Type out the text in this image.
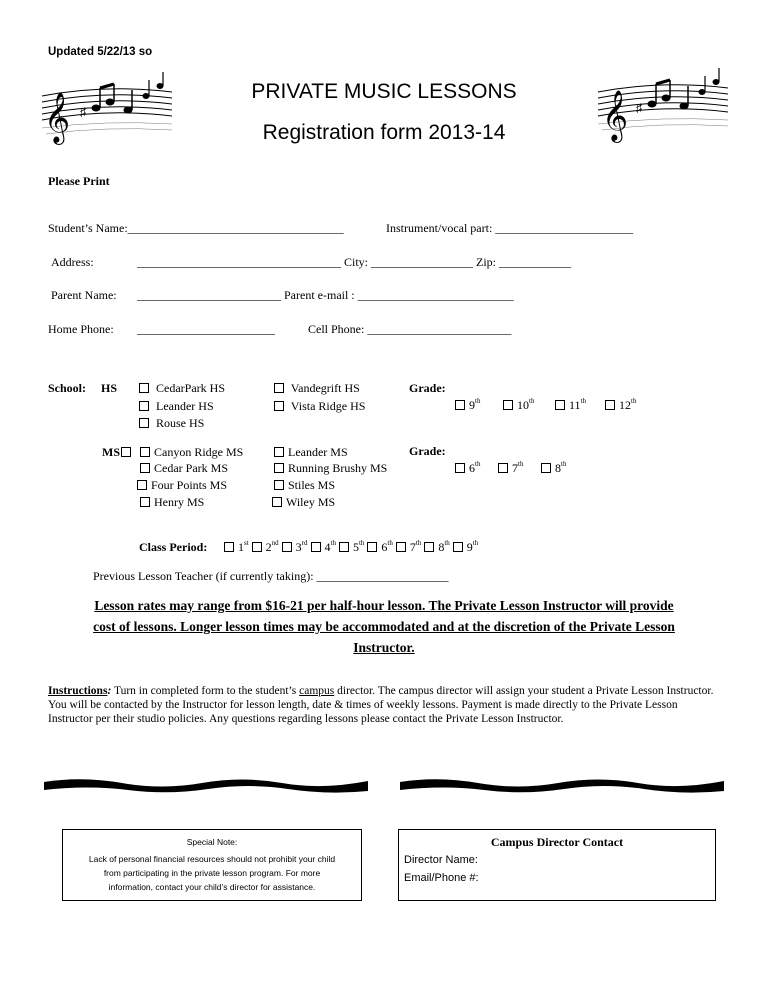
Updated 5/22/13 so
𝄞 ♯	𝄞 ♯
PRIVATE MUSIC LESSONS
Registration form 2013-14
Please Print
Student’s Name:____________________________________	Instrument/vocal part: _______________________
Address:	__________________________________ City: _________________ Zip: ____________
Parent Name: ________________________ Parent e-mail : __________________________
Home Phone: _______________________	Cell Phone: ________________________
School: HS	CedarPark HS
Leander HS
Rouse HS
Vandegrift HS
Vista Ridge HS
Grade:
9th	10th	11th	12th
MS	Canyon Ridge MS
Cedar Park MS
Four Points MS
Henry MS
Leander MS
Running Brushy MS
Stiles MS
Wiley MS
Grade:
6th	7th	8th
Class Period:	1st 2nd 3rd 4th 5th 6th 7th 8th 9th
Previous Lesson Teacher (if currently taking): ______________________
Lesson rates may range from $16-21 per half-hour lesson. The Private Lesson Instructor will provide
cost of lessons. Longer lesson times may be accommodated and at the discretion of the Private Lesson
Instructor.
Instructions: Turn in completed form to the student’s campus director. The campus director will assign your student a Private Lesson Instructor. You will be contacted by the Instructor for lesson length, date & times of weekly lessons. Payment is made directly to the Private Lesson Instructor per their studio policies. Any questions regarding lessons please contact the Private Lesson Instructor.
Special Note:
Lack of personal financial resources should not prohibit your child
from participating in the private lesson program. For more
information, contact your child’s director for assistance.
Campus Director Contact
Director Name:
Email/Phone #:
